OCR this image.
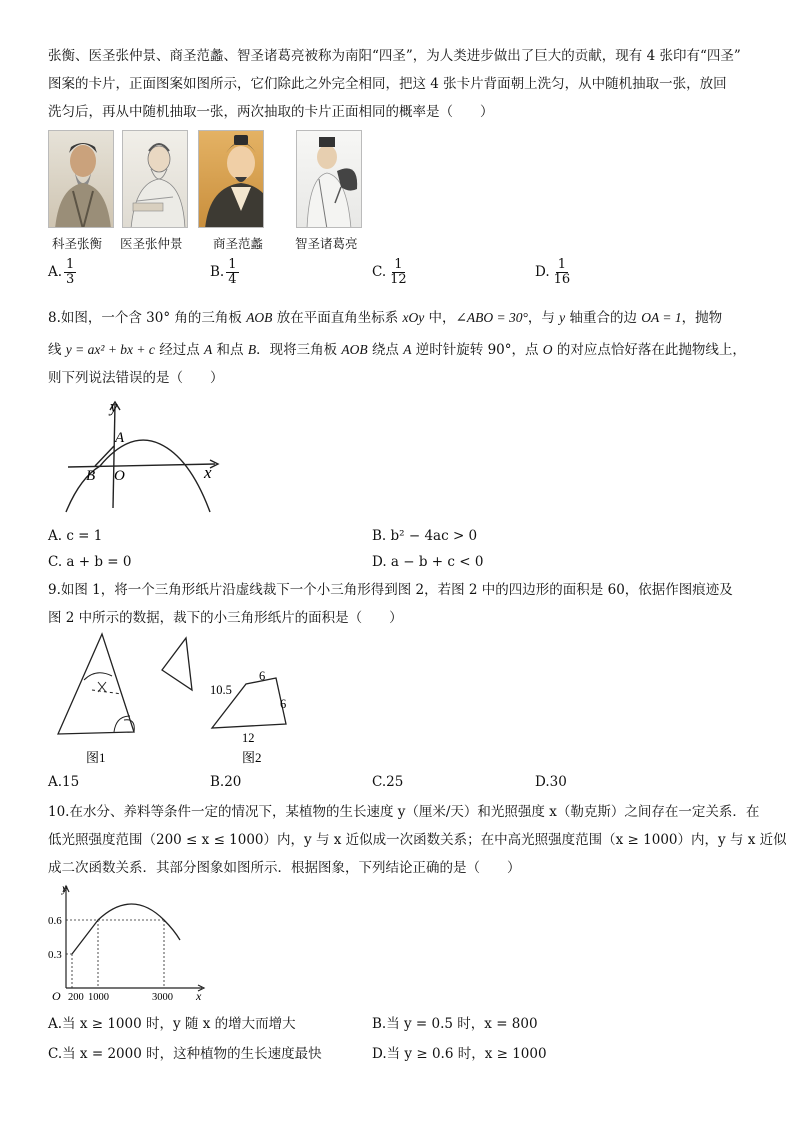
张衡、医圣张仲景、商圣范蠡、智圣诸葛亮被称为南阳“四圣”，为人类进步做出了巨大的贡献，现有 4 张印有“四圣”
图案的卡片，正面图案如图所示，它们除此之外完全相同，把这 4 张卡片背面朝上洗匀，从中随机抽取一张，放回
洗匀后，再从中随机抽取一张，两次抽取的卡片正面相同的概率是（　　）
科圣张衡 医圣张仲景 商圣范蠡	智圣诸葛亮
A. $\frac{1}{3}$	B. $\frac{1}{4}$	C. $\frac{1}{12}$	D. $\frac{1}{16}$
8.如图，一个含 30° 角的三角板 AOB 放在平面直角坐标系 xOy 中，∠ABO = 30°，与 y 轴重合的边 OA = 1，抛物
线 y = ax² + bx + c 经过点 A 和点 B．现将三角板 AOB 绕点 A 逆时针旋转 90°，点 O 的对应点恰好落在此抛物线上，
则下列说法错误的是（　　）
y
x
A
B O
A. c = 1	B. b² − 4ac > 0
C. a + b = 0	D. a − b + c < 0
9.如图 1，将一个三角形纸片沿虚线裁下一个小三角形得到图 2，若图 2 中的四边形的面积是 60，依据作图痕迹及
图 2 中所示的数据，裁下的小三角形纸片的面积是（　　）
图1
10.5
6
6
12
图2
A.15	B.20	C.25	D.30
10.在水分、养料等条件一定的情况下，某植物的生长速度 y（厘米/天）和光照强度 x（勒克斯）之间存在一定关系．在
低光照强度范围（200 ≤ x ≤ 1000）内，y 与 x 近似成一次函数关系；在中高光照强度范围（x ≥ 1000）内，y 与 x 近似
成二次函数关系．其部分图象如图所示．根据图象，下列结论正确的是（　　）
y
0.6
0.3
O 200 1000	3000 x
A.当 x ≥ 1000 时，y 随 x 的增大而增大	B.当 y = 0.5 时，x = 800
C.当 x = 2000 时，这种植物的生长速度最快	D.当 y ≥ 0.6 时，x ≥ 1000
